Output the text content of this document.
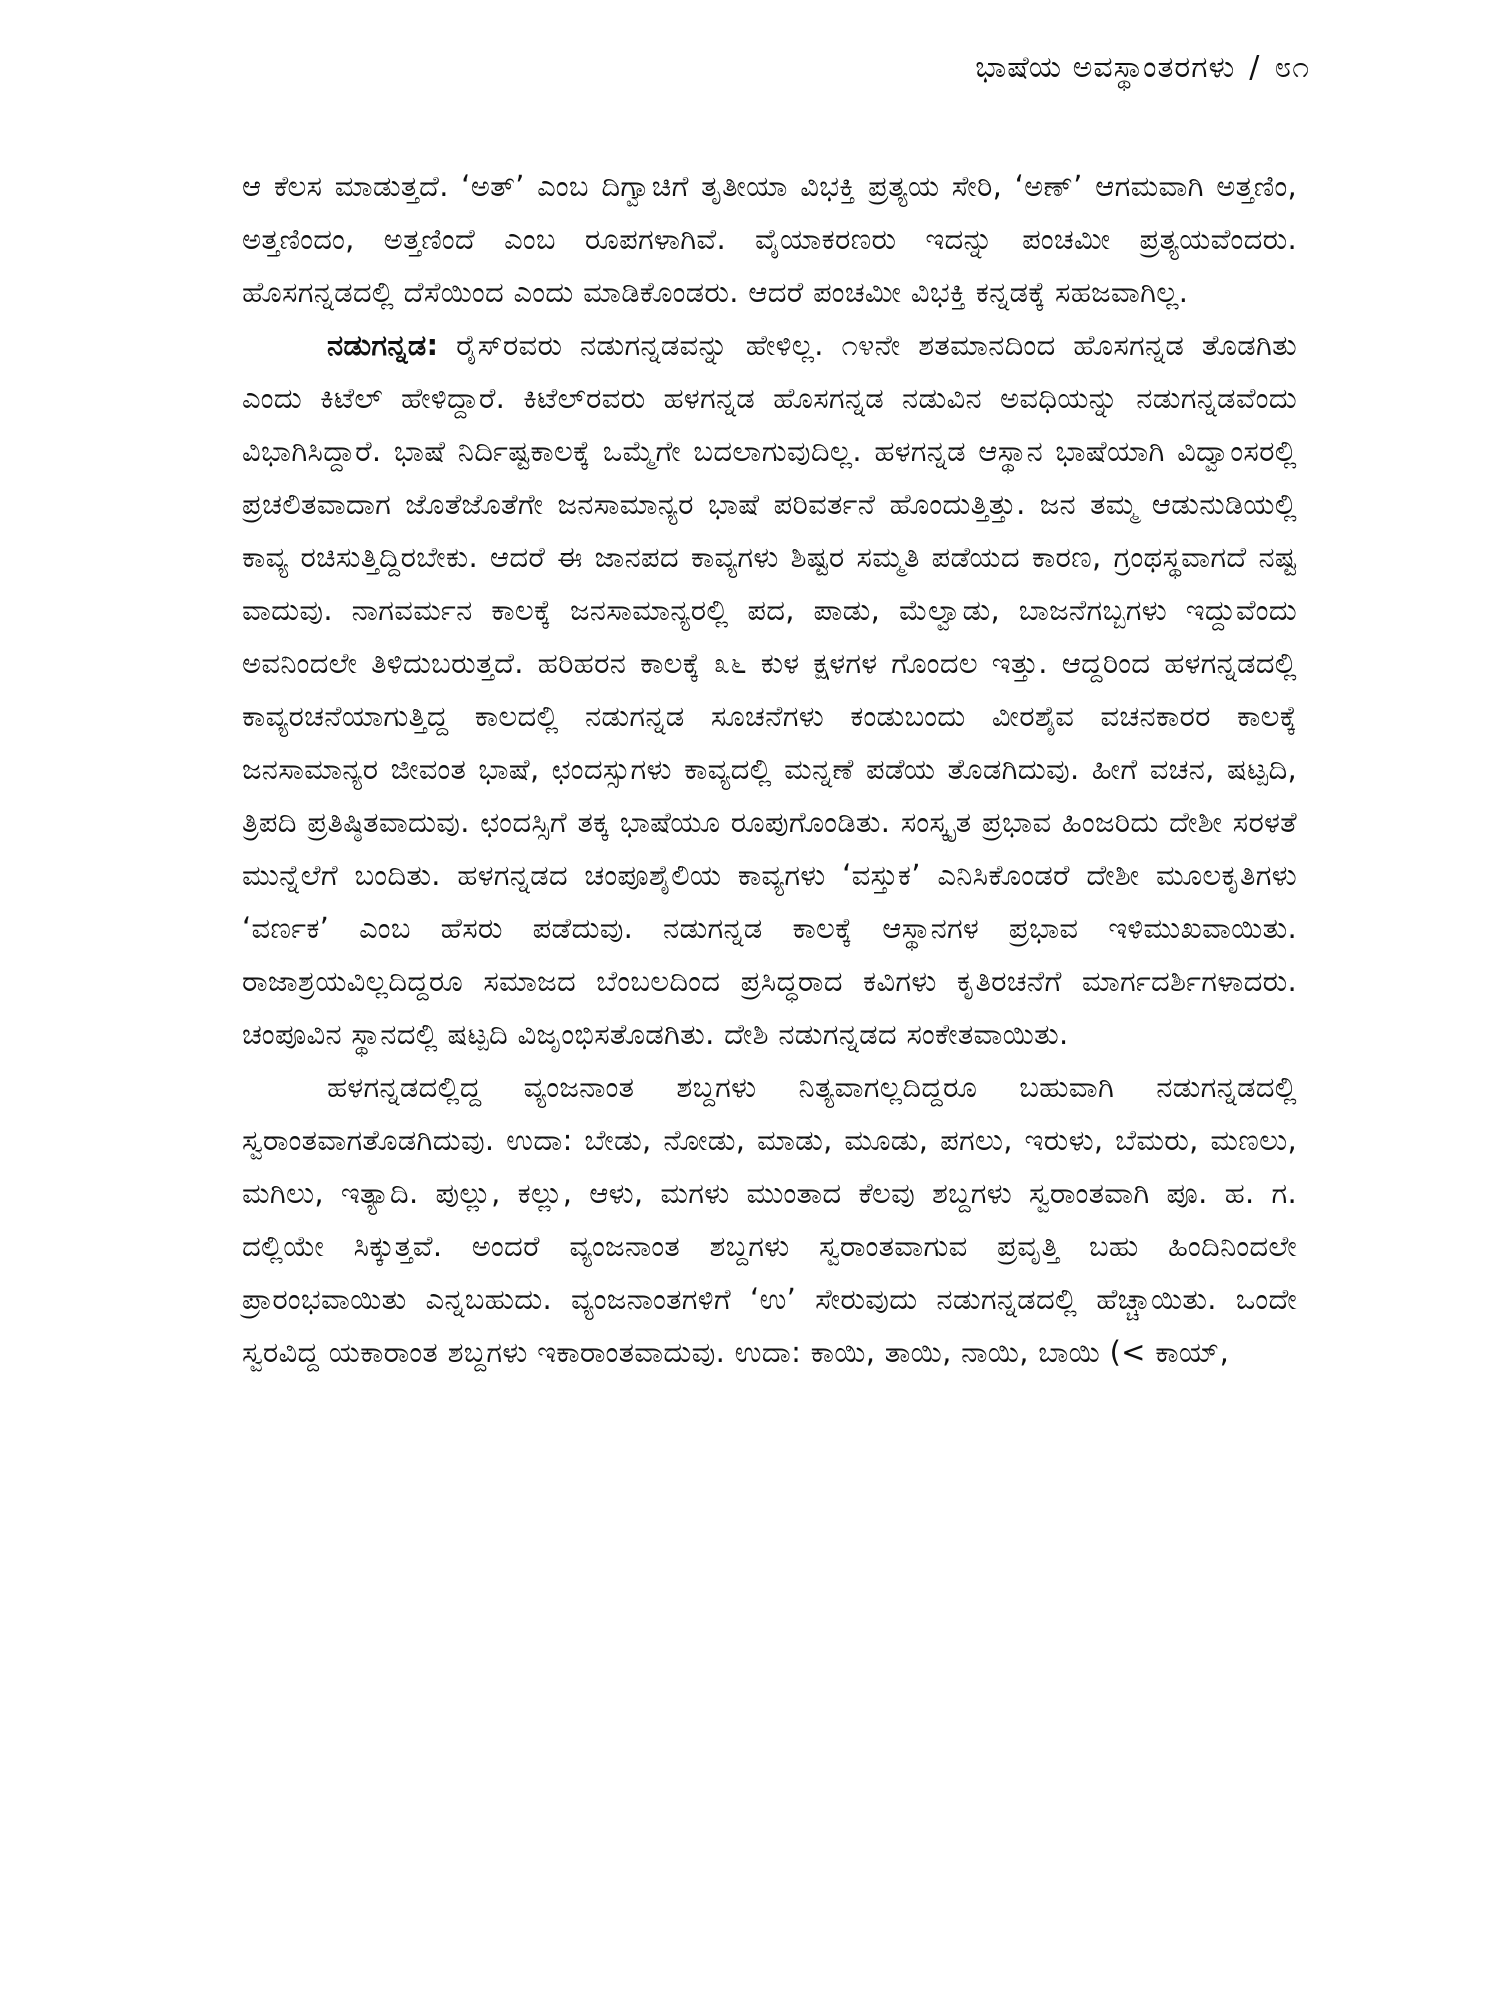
ಭಾಷೆಯ ಅವಸ್ಥಾಂತರಗಳು / ೮೧

ಆ ಕೆಲಸ ಮಾಡುತ್ತದೆ. ‘ಅತ್’ ಎಂಬ ದಿಗ್ವಾಚಿಗೆ ತೃತೀಯಾ ವಿಭಕ್ತಿ ಪ್ರತ್ಯಯ ಸೇರಿ, ‘ಅಣ್’ ಆಗಮವಾಗಿ ಅತ್ತಣಿಂ, ಅತ್ತಣಿಂದಂ, ಅತ್ತಣಿಂದೆ ಎಂಬ ರೂಪಗಳಾಗಿವೆ. ವೈಯಾಕರಣರು ಇದನ್ನು ಪಂಚಮೀ ಪ್ರತ್ಯಯವೆಂದರು. ಹೊಸಗನ್ನಡದಲ್ಲಿ ದೆಸೆಯಿಂದ ಎಂದು ಮಾಡಿಕೊಂಡರು. ಆದರೆ ಪಂಚಮೀ ವಿಭಕ್ತಿ ಕನ್ನಡಕ್ಕೆ ಸಹಜವಾಗಿಲ್ಲ.

ನಡುಗನ್ನಡ: ರೈಸ್‌ರವರು ನಡುಗನ್ನಡವನ್ನು ಹೇಳಿಲ್ಲ. ೧೪ನೇ ಶತಮಾನದಿಂದ ಹೊಸಗನ್ನಡ ತೊಡಗಿತು ಎಂದು ಕಿಟೆಲ್ ಹೇಳಿದ್ದಾರೆ. ಕಿಟೆಲ್‌ರವರು ಹಳಗನ್ನಡ ಹೊಸಗನ್ನಡ ನಡುವಿನ ಅವಧಿಯನ್ನು ನಡುಗನ್ನಡವೆಂದು ವಿಭಾಗಿಸಿದ್ದಾರೆ. ಭಾಷೆ ನಿರ್ದಿಷ್ಟಕಾಲಕ್ಕೆ ಒಮ್ಮೆಗೇ ಬದಲಾಗುವುದಿಲ್ಲ. ಹಳಗನ್ನಡ ಆಸ್ಥಾನ ಭಾಷೆಯಾಗಿ ವಿದ್ವಾಂಸರಲ್ಲಿ ಪ್ರಚಲಿತವಾದಾಗ ಜೊತೆಜೊತೆಗೇ ಜನಸಾಮಾನ್ಯರ ಭಾಷೆ ಪರಿವರ್ತನೆ ಹೊಂದುತ್ತಿತ್ತು. ಜನ ತಮ್ಮ ಆಡುನುಡಿಯಲ್ಲಿ ಕಾವ್ಯ ರಚಿಸುತ್ತಿದ್ದಿರಬೇಕು. ಆದರೆ ಈ ಜಾನಪದ ಕಾವ್ಯಗಳು ಶಿಷ್ಟರ ಸಮ್ಮತಿ ಪಡೆಯದ ಕಾರಣ, ಗ್ರಂಥಸ್ಥವಾಗದೆ ನಷ್ಟ ವಾದುವು. ನಾಗವರ್ಮನ ಕಾಲಕ್ಕೆ ಜನಸಾಮಾನ್ಯರಲ್ಲಿ ಪದ, ಪಾಡು, ಮೆಲ್ವಾಡು, ಬಾಜನೆಗಬ್ಬಗಳು ಇದ್ದುವೆಂದು ಅವನಿಂದಲೇ ತಿಳಿದುಬರುತ್ತದೆ. ಹರಿಹರನ ಕಾಲಕ್ಕೆ ೩೬ ಕುಳ ಕ್ಷಳಗಳ ಗೊಂದಲ ಇತ್ತು. ಆದ್ದರಿಂದ ಹಳಗನ್ನಡದಲ್ಲಿ ಕಾವ್ಯರಚನೆಯಾಗುತ್ತಿದ್ದ ಕಾಲದಲ್ಲಿ ನಡುಗನ್ನಡ ಸೂಚನೆಗಳು ಕಂಡುಬಂದು ವೀರಶೈವ ವಚನಕಾರರ ಕಾಲಕ್ಕೆ ಜನಸಾಮಾನ್ಯರ ಜೀವಂತ ಭಾಷೆ, ಛಂದಸ್ಸುಗಳು ಕಾವ್ಯದಲ್ಲಿ ಮನ್ನಣೆ ಪಡೆಯ ತೊಡಗಿದುವು. ಹೀಗೆ ವಚನ, ಷಟ್ಪದಿ, ತ್ರಿಪದಿ ಪ್ರತಿಷ್ಠಿತವಾದುವು. ಛಂದಸ್ಸಿಗೆ ತಕ್ಕ ಭಾಷೆಯೂ ರೂಪುಗೊಂಡಿತು. ಸಂಸ್ಕೃತ ಪ್ರಭಾವ ಹಿಂಜರಿದು ದೇಶೀ ಸರಳತೆ ಮುನ್ನೆಲೆಗೆ ಬಂದಿತು. ಹಳಗನ್ನಡದ ಚಂಪೂಶೈಲಿಯ ಕಾವ್ಯಗಳು ‘ವಸ್ತುಕ’ ಎನಿಸಿಕೊಂಡರೆ ದೇಶೀ ಮೂಲಕೃತಿಗಳು ‘ವರ್ಣಕ’ ಎಂಬ ಹೆಸರು ಪಡೆದುವು. ನಡುಗನ್ನಡ ಕಾಲಕ್ಕೆ ಆಸ್ಥಾನಗಳ ಪ್ರಭಾವ ಇಳಿಮುಖವಾಯಿತು. ರಾಜಾಶ್ರಯವಿಲ್ಲದಿದ್ದರೂ ಸಮಾಜದ ಬೆಂಬಲದಿಂದ ಪ್ರಸಿದ್ಧರಾದ ಕವಿಗಳು ಕೃತಿರಚನೆಗೆ ಮಾರ್ಗದರ್ಶಿಗಳಾದರು. ಚಂಪೂವಿನ ಸ್ಥಾನದಲ್ಲಿ ಷಟ್ಪದಿ ವಿಜೃಂಭಿಸತೊಡಗಿತು. ದೇಶಿ ನಡುಗನ್ನಡದ ಸಂಕೇತವಾಯಿತು.

ಹಳಗನ್ನಡದಲ್ಲಿದ್ದ ವ್ಯಂಜನಾಂತ ಶಬ್ದಗಳು ನಿತ್ಯವಾಗಲ್ಲದಿದ್ದರೂ ಬಹುವಾಗಿ ನಡುಗನ್ನಡದಲ್ಲಿ ಸ್ವರಾಂತವಾಗತೊಡಗಿದುವು. ಉದಾ: ಬೇಡು, ನೋಡು, ಮಾಡು, ಮೂಡು, ಪಗಲು, ಇರುಳು, ಬೆಮರು, ಮಣಲು, ಮಗಿಲು, ಇತ್ಯಾದಿ. ಪುಲ್ಲು, ಕಲ್ಲು, ಆಳು, ಮಗಳು ಮುಂತಾದ ಕೆಲವು ಶಬ್ದಗಳು ಸ್ವರಾಂತವಾಗಿ ಪೂ. ಹ. ಗ. ದಲ್ಲಿಯೇ ಸಿಕ್ಕುತ್ತವೆ. ಅಂದರೆ ವ್ಯಂಜನಾಂತ ಶಬ್ದಗಳು ಸ್ವರಾಂತವಾಗುವ ಪ್ರವೃತ್ತಿ ಬಹು ಹಿಂದಿನಿಂದಲೇ ಪ್ರಾರಂಭವಾಯಿತು ಎನ್ನಬಹುದು. ವ್ಯಂಜನಾಂತಗಳಿಗೆ ‘ಉ’ ಸೇರುವುದು ನಡುಗನ್ನಡದಲ್ಲಿ ಹೆಚ್ಚಾಯಿತು. ಒಂದೇ ಸ್ವರವಿದ್ದ ಯಕಾರಾಂತ ಶಬ್ದಗಳು ಇಕಾರಾಂತವಾದುವು. ಉದಾ: ಕಾಯಿ, ತಾಯಿ, ನಾಯಿ, ಬಾಯಿ (< ಕಾಯ್,
